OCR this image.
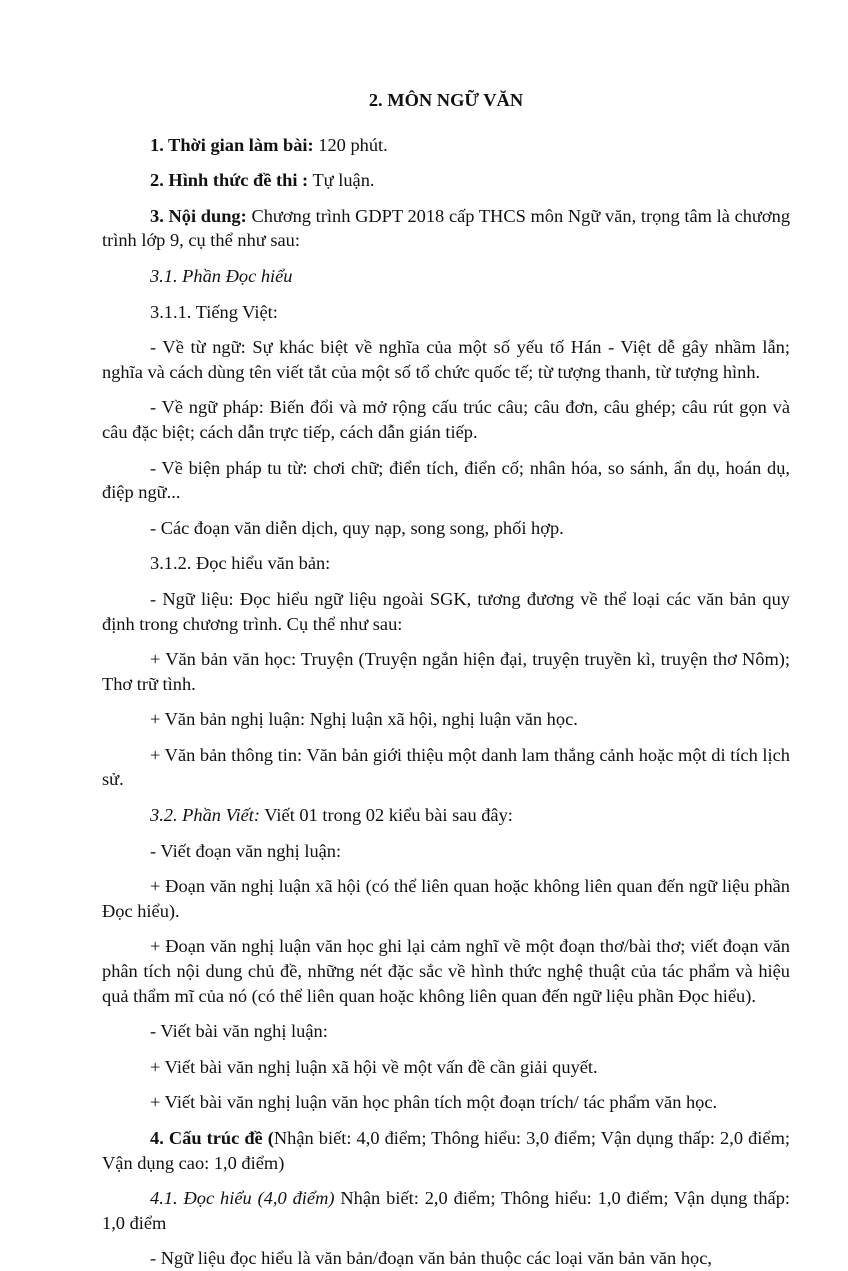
2. MÔN NGỮ VĂN

1. Thời gian làm bài: 120 phút.

2. Hình thức đề thi : Tự luận.

3. Nội dung: Chương trình GDPT 2018 cấp THCS môn Ngữ văn, trọng tâm là chương trình lớp 9, cụ thể như sau:

3.1. Phần Đọc hiểu

3.1.1. Tiếng Việt:

- Về từ ngữ: Sự khác biệt về nghĩa của một số yếu tố Hán - Việt dễ gây nhầm lẫn; nghĩa và cách dùng tên viết tắt của một số tổ chức quốc tế; từ tượng thanh, từ tượng hình.

- Về ngữ pháp: Biến đổi và mở rộng cấu trúc câu; câu đơn, câu ghép; câu rút gọn và câu đặc biệt; cách dẫn trực tiếp, cách dẫn gián tiếp.

- Về biện pháp tu từ: chơi chữ; điển tích, điển cố; nhân hóa, so sánh, ẩn dụ, hoán dụ, điệp ngữ...

- Các đoạn văn diễn dịch, quy nạp, song song, phối hợp.

3.1.2. Đọc hiểu văn bản:

- Ngữ liệu: Đọc hiểu ngữ liệu ngoài SGK, tương đương về thể loại các văn bản quy định trong chương trình. Cụ thể như sau:

+ Văn bản văn học: Truyện (Truyện ngắn hiện đại, truyện truyền kì, truyện thơ Nôm); Thơ trữ tình.

+ Văn bản nghị luận: Nghị luận xã hội, nghị luận văn học.

+ Văn bản thông tin: Văn bản giới thiệu một danh lam thắng cảnh hoặc một di tích lịch sử.

3.2. Phần Viết: Viết 01 trong 02 kiểu bài sau đây:

- Viết đoạn văn nghị luận:

+ Đoạn văn nghị luận xã hội (có thể liên quan hoặc không liên quan đến ngữ liệu phần Đọc hiểu).

+ Đoạn văn nghị luận văn học ghi lại cảm nghĩ về một đoạn thơ/bài thơ; viết đoạn văn phân tích nội dung chủ đề, những nét đặc sắc về hình thức nghệ thuật của tác phẩm và hiệu quả thẩm mĩ của nó (có thể liên quan hoặc không liên quan đến ngữ liệu phần Đọc hiểu).

- Viết bài văn nghị luận:

+ Viết bài văn nghị luận xã hội về một vấn đề cần giải quyết.

+ Viết bài văn nghị luận văn học phân tích một đoạn trích/ tác phẩm văn học.

4. Cấu trúc đề (Nhận biết: 4,0 điểm; Thông hiểu: 3,0 điểm; Vận dụng thấp: 2,0 điểm; Vận dụng cao: 1,0 điểm)

4.1. Đọc hiểu (4,0 điểm) Nhận biết: 2,0 điểm; Thông hiểu: 1,0 điểm; Vận dụng thấp: 1,0 điểm

- Ngữ liệu đọc hiểu là văn bản/đoạn văn bản thuộc các loại văn bản văn học,
